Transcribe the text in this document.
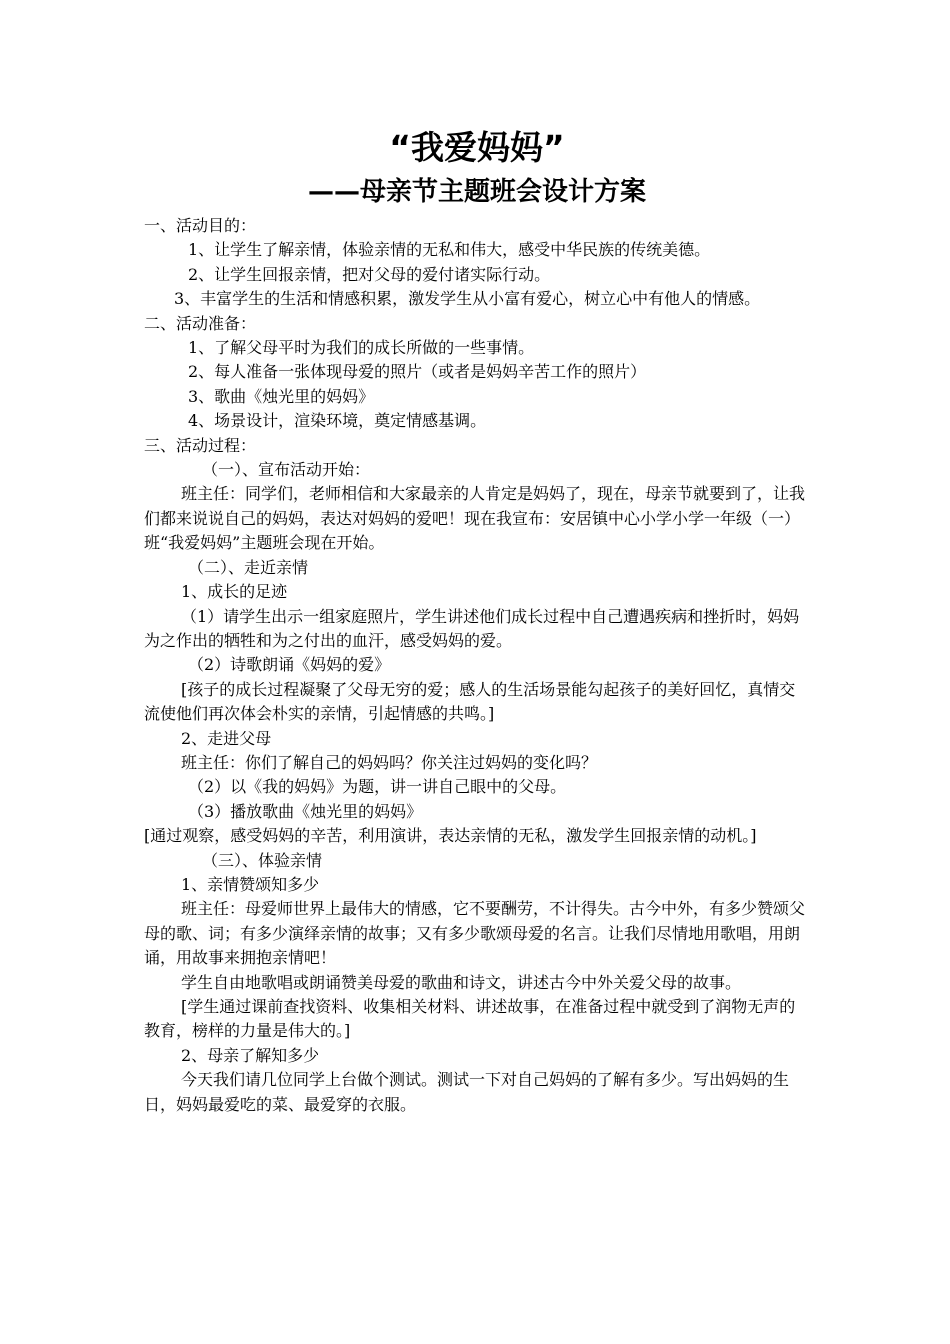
“我爱妈妈”
——母亲节主题班会设计方案

一、活动目的：

1、让学生了解亲情，体验亲情的无私和伟大，感受中华民族的传统美德。

2、让学生回报亲情，把对父母的爱付诸实际行动。

3、丰富学生的生活和情感积累，激发学生从小富有爱心，树立心中有他人的情感。

二、活动准备：

1、了解父母平时为我们的成长所做的一些事情。

2、每人准备一张体现母爱的照片（或者是妈妈辛苦工作的照片）

3、歌曲《烛光里的妈妈》

4、场景设计，渲染环境，奠定情感基调。

三、活动过程：

（一）、宣布活动开始：

班主任：同学们，老师相信和大家最亲的人肯定是妈妈了，现在，母亲节就要到了，让我们都来说说自己的妈妈，表达对妈妈的爱吧！现在我宣布：安居镇中心小学小学一年级（一）班“我爱妈妈”主题班会现在开始。

（二）、走近亲情

1、成长的足迹

（1）请学生出示一组家庭照片，学生讲述他们成长过程中自己遭遇疾病和挫折时，妈妈为之作出的牺牲和为之付出的血汗，感受妈妈的爱。

（2）诗歌朗诵《妈妈的爱》

[孩子的成长过程凝聚了父母无穷的爱；感人的生活场景能勾起孩子的美好回忆，真情交流使他们再次体会朴实的亲情，引起情感的共鸣。]

2、走进父母

班主任：你们了解自己的妈妈吗？你关注过妈妈的变化吗？

（2）以《我的妈妈》为题，讲一讲自己眼中的父母。

（3）播放歌曲《烛光里的妈妈》

[通过观察，感受妈妈的辛苦，利用演讲，表达亲情的无私，激发学生回报亲情的动机。]

（三）、体验亲情

1、亲情赞颂知多少

班主任：母爱师世界上最伟大的情感，它不要酬劳，不计得失。古今中外，有多少赞颂父母的歌、词；有多少演绎亲情的故事；又有多少歌颂母爱的名言。让我们尽情地用歌唱，用朗诵，用故事来拥抱亲情吧！

学生自由地歌唱或朗诵赞美母爱的歌曲和诗文，讲述古今中外关爱父母的故事。

[学生通过课前查找资料、收集相关材料、讲述故事，在准备过程中就受到了润物无声的教育，榜样的力量是伟大的。]

2、母亲了解知多少

今天我们请几位同学上台做个测试。测试一下对自己妈妈的了解有多少。写出妈妈的生日，妈妈最爱吃的菜、最爱穿的衣服。
